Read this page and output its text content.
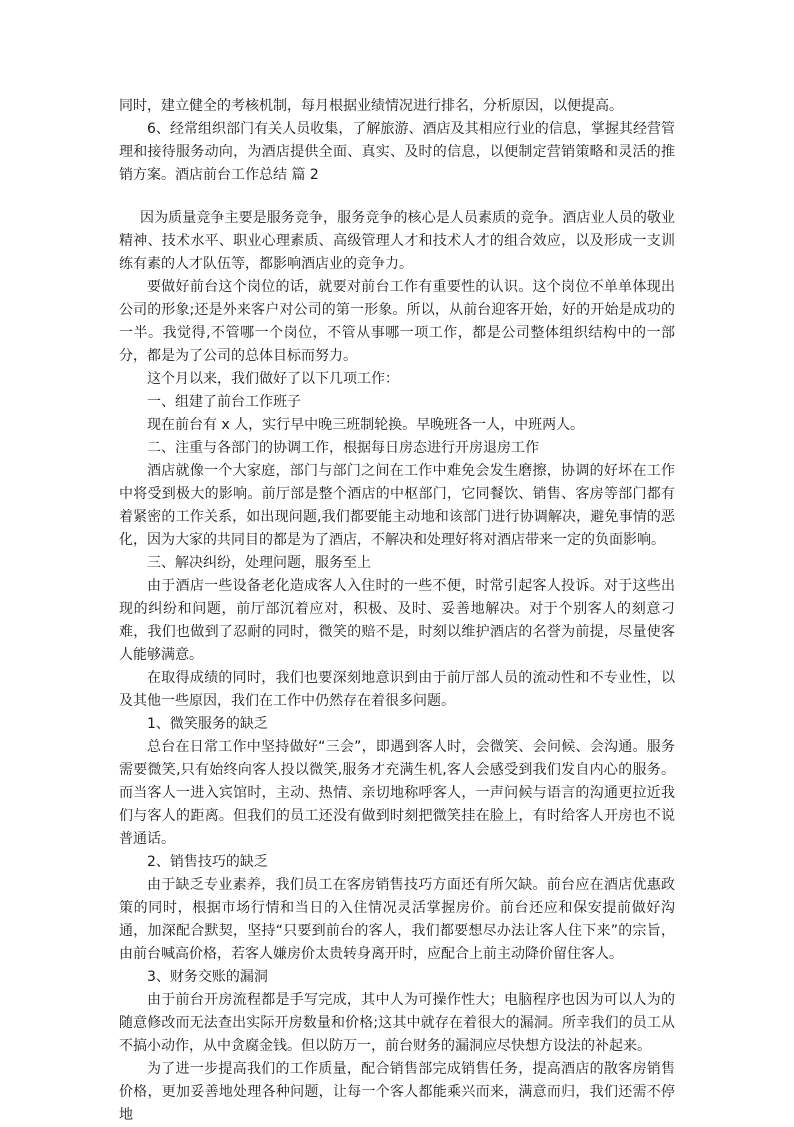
同时，建立健全的考核机制，每月根据业绩情况进行排名，分析原因，以便提高。

6、经常组织部门有关人员收集，了解旅游、酒店及其相应行业的信息，掌握其经营管理和接待服务动向，为酒店提供全面、真实、及时的信息，以便制定营销策略和灵活的推销方案。酒店前台工作总结 篇 2

因为质量竞争主要是服务竞争，服务竞争的核心是人员素质的竞争。酒店业人员的敬业精神、技术水平、职业心理素质、高级管理人才和技术人才的组合效应，以及形成一支训练有素的人才队伍等，都影响酒店业的竞争力。

要做好前台这个岗位的话，就要对前台工作有重要性的认识。这个岗位不单单体现出公司的形象;还是外来客户对公司的第一形象。所以，从前台迎客开始，好的开始是成功的一半。我觉得,不管哪一个岗位，不管从事哪一项工作，都是公司整体组织结构中的一部分，都是为了公司的总体目标而努力。

这个月以来，我们做好了以下几项工作：

一、组建了前台工作班子

现在前台有 x 人，实行早中晚三班制轮换。早晚班各一人，中班两人。

二、注重与各部门的协调工作，根据每日房态进行开房退房工作

酒店就像一个大家庭，部门与部门之间在工作中难免会发生磨擦，协调的好坏在工作中将受到极大的影响。前厅部是整个酒店的中枢部门，它同餐饮、销售、客房等部门都有着紧密的工作关系，如出现问题,我们都要能主动地和该部门进行协调解决，避免事情的恶化，因为大家的共同目的都是为了酒店，不解决和处理好将对酒店带来一定的负面影响。

三、解决纠纷，处理问题，服务至上

由于酒店一些设备老化造成客人入住时的一些不便，时常引起客人投诉。对于这些出现的纠纷和问题，前厅部沉着应对，积极、及时、妥善地解决。对于个别客人的刻意刁难，我们也做到了忍耐的同时，微笑的赔不是，时刻以维护酒店的名誉为前提，尽量使客人能够满意。

在取得成绩的同时，我们也要深刻地意识到由于前厅部人员的流动性和不专业性，以及其他一些原因，我们在工作中仍然存在着很多问题。

1、微笑服务的缺乏

总台在日常工作中坚持做好“三会”，即遇到客人时，会微笑、会问候、会沟通。服务需要微笑,只有始终向客人投以微笑,服务才充满生机,客人会感受到我们发自内心的服务。而当客人一进入宾馆时，主动、热情、亲切地称呼客人，一声问候与语言的沟通更拉近我们与客人的距离。但我们的员工还没有做到时刻把微笑挂在脸上，有时给客人开房也不说普通话。

2、销售技巧的缺乏

由于缺乏专业素养，我们员工在客房销售技巧方面还有所欠缺。前台应在酒店优惠政策的同时，根据市场行情和当日的入住情况灵活掌握房价。前台还应和保安提前做好沟通，加深配合默契，坚持“只要到前台的客人，我们都要想尽办法让客人住下来”的宗旨，由前台喊高价格，若客人嫌房价太贵转身离开时，应配合上前主动降价留住客人。

3、财务交账的漏洞

由于前台开房流程都是手写完成，其中人为可操作性大；电脑程序也因为可以人为的随意修改而无法查出实际开房数量和价格;这其中就存在着很大的漏洞。所幸我们的员工从不搞小动作，从中贪腐金钱。但以防万一，前台财务的漏洞应尽快想方设法的补起来。

为了进一步提高我们的工作质量，配合销售部完成销售任务，提高酒店的散客房销售价格，更加妥善地处理各种问题，让每一个客人都能乘兴而来，满意而归，我们还需不停地
